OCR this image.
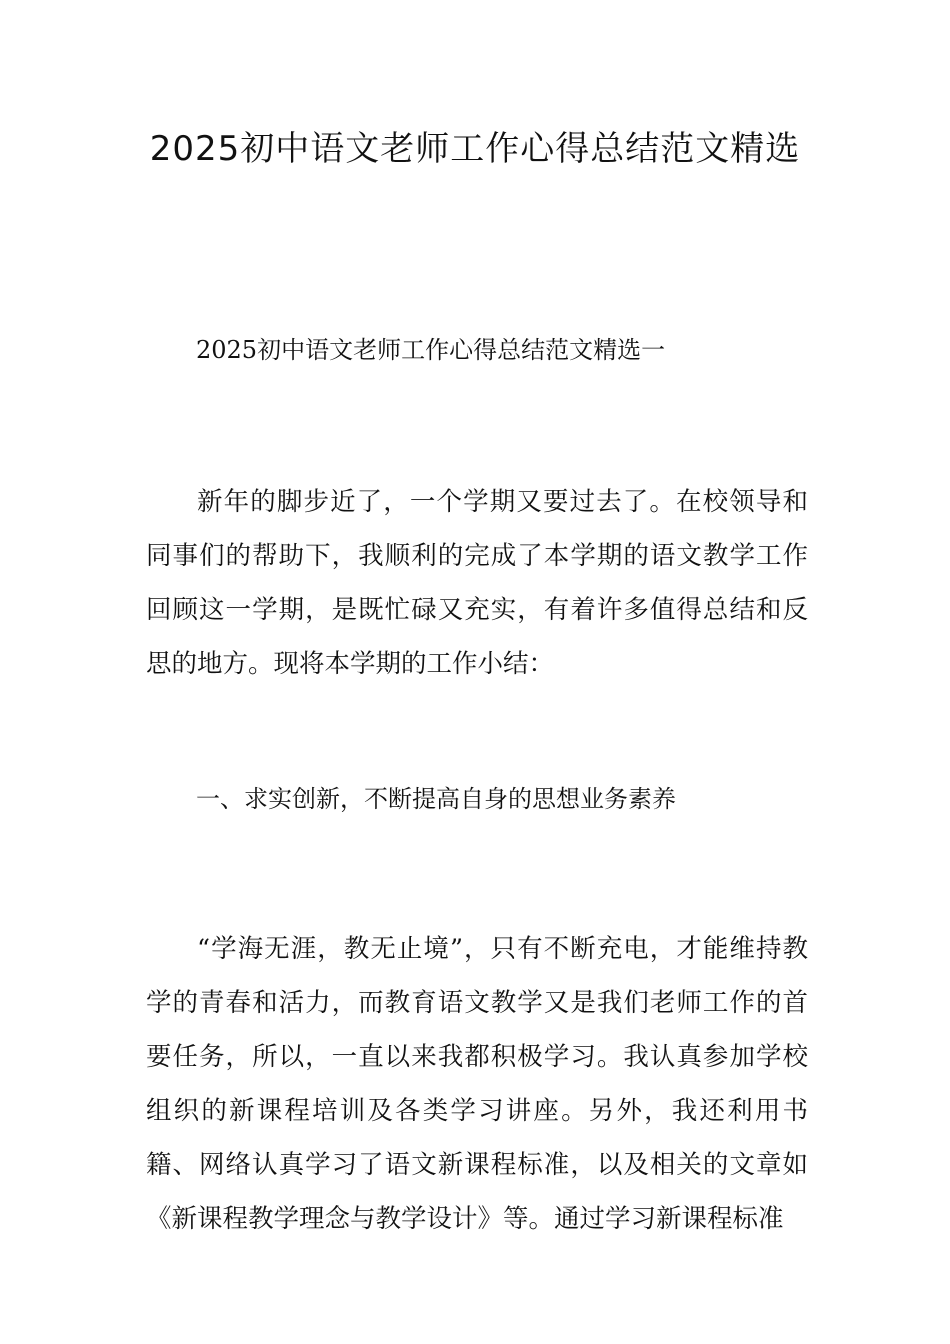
2025初中语文老师工作心得总结范文精选

2025初中语文老师工作心得总结范文精选一

新年的脚步近了，一个学期又要过去了。在校领导和同事们的帮助下，我顺利的完成了本学期的语文教学工作回顾这一学期，是既忙碌又充实，有着许多值得总结和反思的地方。现将本学期的工作小结：

一、求实创新，不断提高自身的思想业务素养

“学海无涯，教无止境”，只有不断充电，才能维持教学的青春和活力，而教育语文教学又是我们老师工作的首要任务，所以，一直以来我都积极学习。我认真参加学校组织的新课程培训及各类学习讲座。另外，我还利用书籍、网络认真学习了语文新课程标准，以及相关的文章如《新课程教学理念与教学设计》等。通过学习新课程标准
